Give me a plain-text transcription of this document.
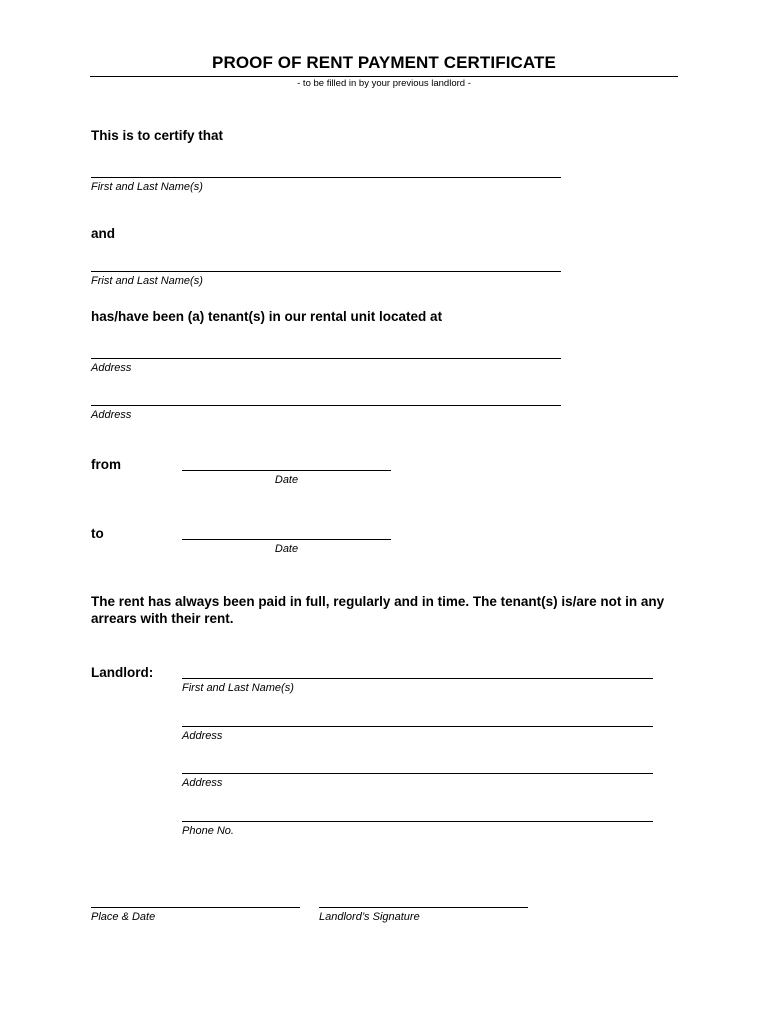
PROOF OF RENT PAYMENT CERTIFICATE
- to be filled in by your previous landlord -
This is to certify that
First and Last Name(s)
and
Frist and Last Name(s)
has/have been (a) tenant(s) in our rental unit located at
Address
Address
from
Date
to
Date
The rent has always been paid in full, regularly and in time. The tenant(s) is/are not in any
arrears with their rent.
Landlord:
First and Last Name(s)
Address
Address
Phone No.
Place & Date	Landlord’s Signature
